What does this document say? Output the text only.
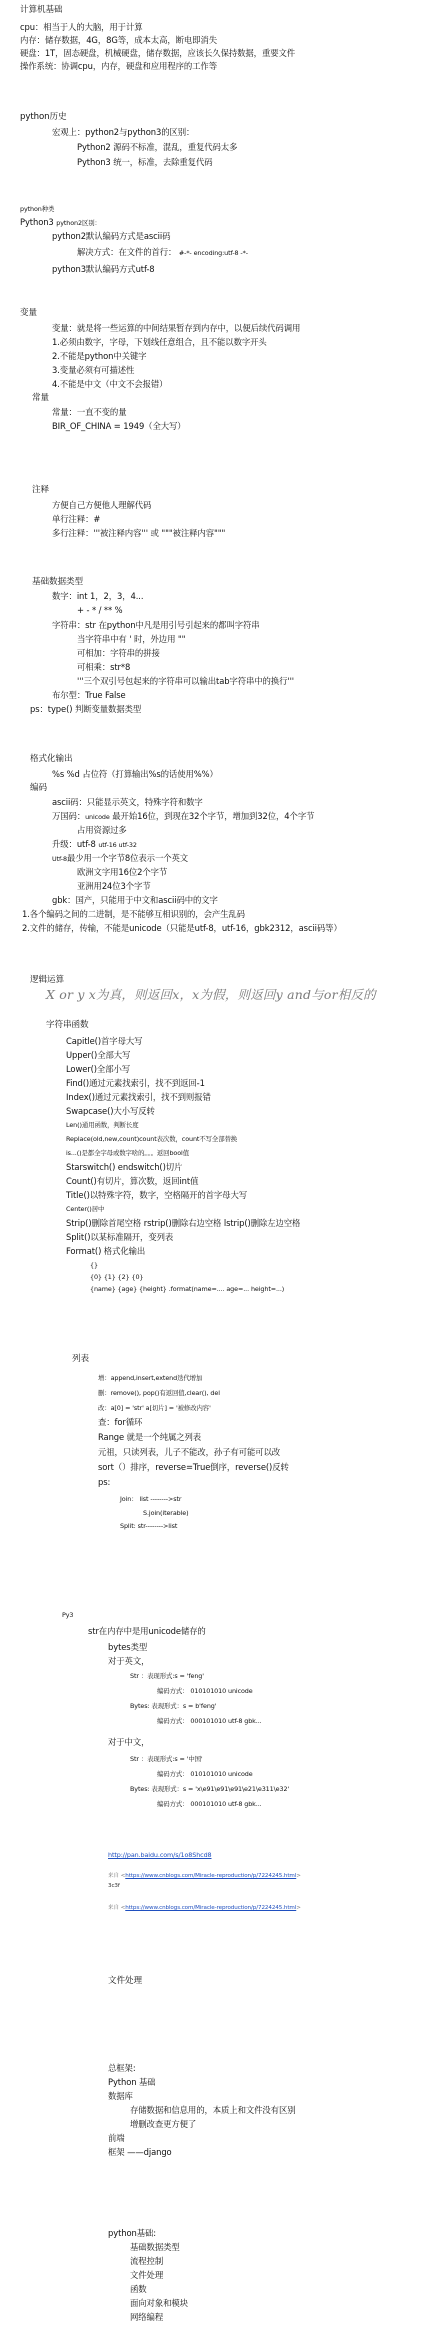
计算机基础
cpu：相当于人的大脑，用于计算
内存：储存数据，4G，8G等，成本太高，断电即消失
硬盘：1T，固态硬盘，机械硬盘，储存数据，应该长久保持数据，重要文件
操作系统：协调cpu，内存，硬盘和应用程序的工作等
python历史
宏观上：python2与python3的区别：
Python2 源码不标准，混乱，重复代码太多
Python3 统一，标准，去除重复代码
python种类
Python3 python2区别：
python2默认编码方式是ascii码
解决方式：在文件的首行： #-*- encoding:utf-8 -*-
python3默认编码方式utf-8
变量
变量：就是将一些运算的中间结果暂存到内存中，以便后续代码调用
1.必须由数字，字母，下划线任意组合，且不能以数字开头
2.不能是python中关键字
3.变量必须有可描述性
4.不能是中文（中文不会报错）
常量
常量：一直不变的量
BIR_OF_CHINA = 1949（全大写）
注释
方便自己方便他人理解代码
单行注释：#
多行注释：'''被注释内容''' 或 """被注释内容"""
基础数据类型
数字：int 1，2，3，4...
+ - * / ** %
字符串：str 在python中凡是用引号引起来的都叫字符串
当字符串中有 ' 时，外边用 ""
可相加：字符串的拼接
可相乘：str*8
'''三个双引号包起来的字符串可以输出tab字符串中的换行'''
布尔型：True False
ps：type() 判断变量数据类型
格式化输出
%s %d 占位符（打算输出%s的话使用%%）
编码
ascii码：只能显示英文，特殊字符和数字
万国码：unicode 最开始16位，到现在32个字节，增加到32位，4个字节
占用资源过多
升级：utf-8 utf-16 utf-32
Utf-8最少用一个字节8位表示一个英文
欧洲文字用16位2个字节
亚洲用24位3个字节
gbk：国产，只能用于中文和ascii码中的文字
1.各个编码之间的二进制，是不能够互相识别的，会产生乱码
2.文件的储存，传输，不能是unicode（只能是utf-8，utf-16，gbk2312，ascii码等）
逻辑运算
X or y x为真，则返回x，x为假，则返回y and与or相反的
字符串函数
Capitle()首字母大写
Upper()全部大写
Lower()全部小写
Find()通过元素找索引，找不到返回-1
Index()通过元素找索引，找不到则报错
Swapcase()大小写反转
Len()通用函数，判断长度
Replace(old,new,count)count表次数，count不写全部替换
is...()是都全字母或数字啥的。。。返回bool值
Starswitch() endswitch()切片
Count()有切片，算次数，返回int值
Title()以特殊字符，数字，空格隔开的首字母大写
Center()居中
Strip()删除首尾空格 rstrip()删除右边空格 lstrip()删除左边空格
Split()以某标准隔开，变列表
Format() 格式化输出
{}
{0} {1} {2} {0}
{name} {age} {height} .format(name=.... age=... height=...)
列表
增：append,insert,extend迭代增加
删：remove(), pop()有返回值,clear(), del
改：a[0] = 'str' a[切片] = '被修改内容'
查：for循环
Range 就是一个纯属之列表
元祖，只读列表，儿子不能改，孙子有可能可以改
sort（）排序，reverse=True倒序，reverse()反转
ps:
Join： list -------->str
S.join(iterable)
Split: str-------->list
Py3
str在内存中是用unicode储存的
bytes类型
对于英文，
Str ：表现形式:s = 'feng'
编码方式： 010101010 unicode
Bytes: 表现形式：s = b'feng'
编码方式： 000101010 utf-8 gbk...
对于中文，
Str ：表现形式:s = '中国'
编码方式： 010101010 unicode
Bytes: 表现形式：s = 'x\e91\e91\e91\e21\e311\e32'
编码方式： 000101010 utf-8 gbk...
http://pan.baidu.com/s/1o8Shcd8
来自 <https://www.cnblogs.com/Miracle-reproduction/p/7224245.html>
3c3f
来自 <https://www.cnblogs.com/Miracle-reproduction/p/7224245.html>
文件处理
总框架:
Python 基础
数据库
存储数据和信息用的，本质上和文件没有区别
增删改查更方便了
前端
框架 ——django
python基础:
基础数据类型
流程控制
文件处理
函数
面向对象和模块
网络编程
